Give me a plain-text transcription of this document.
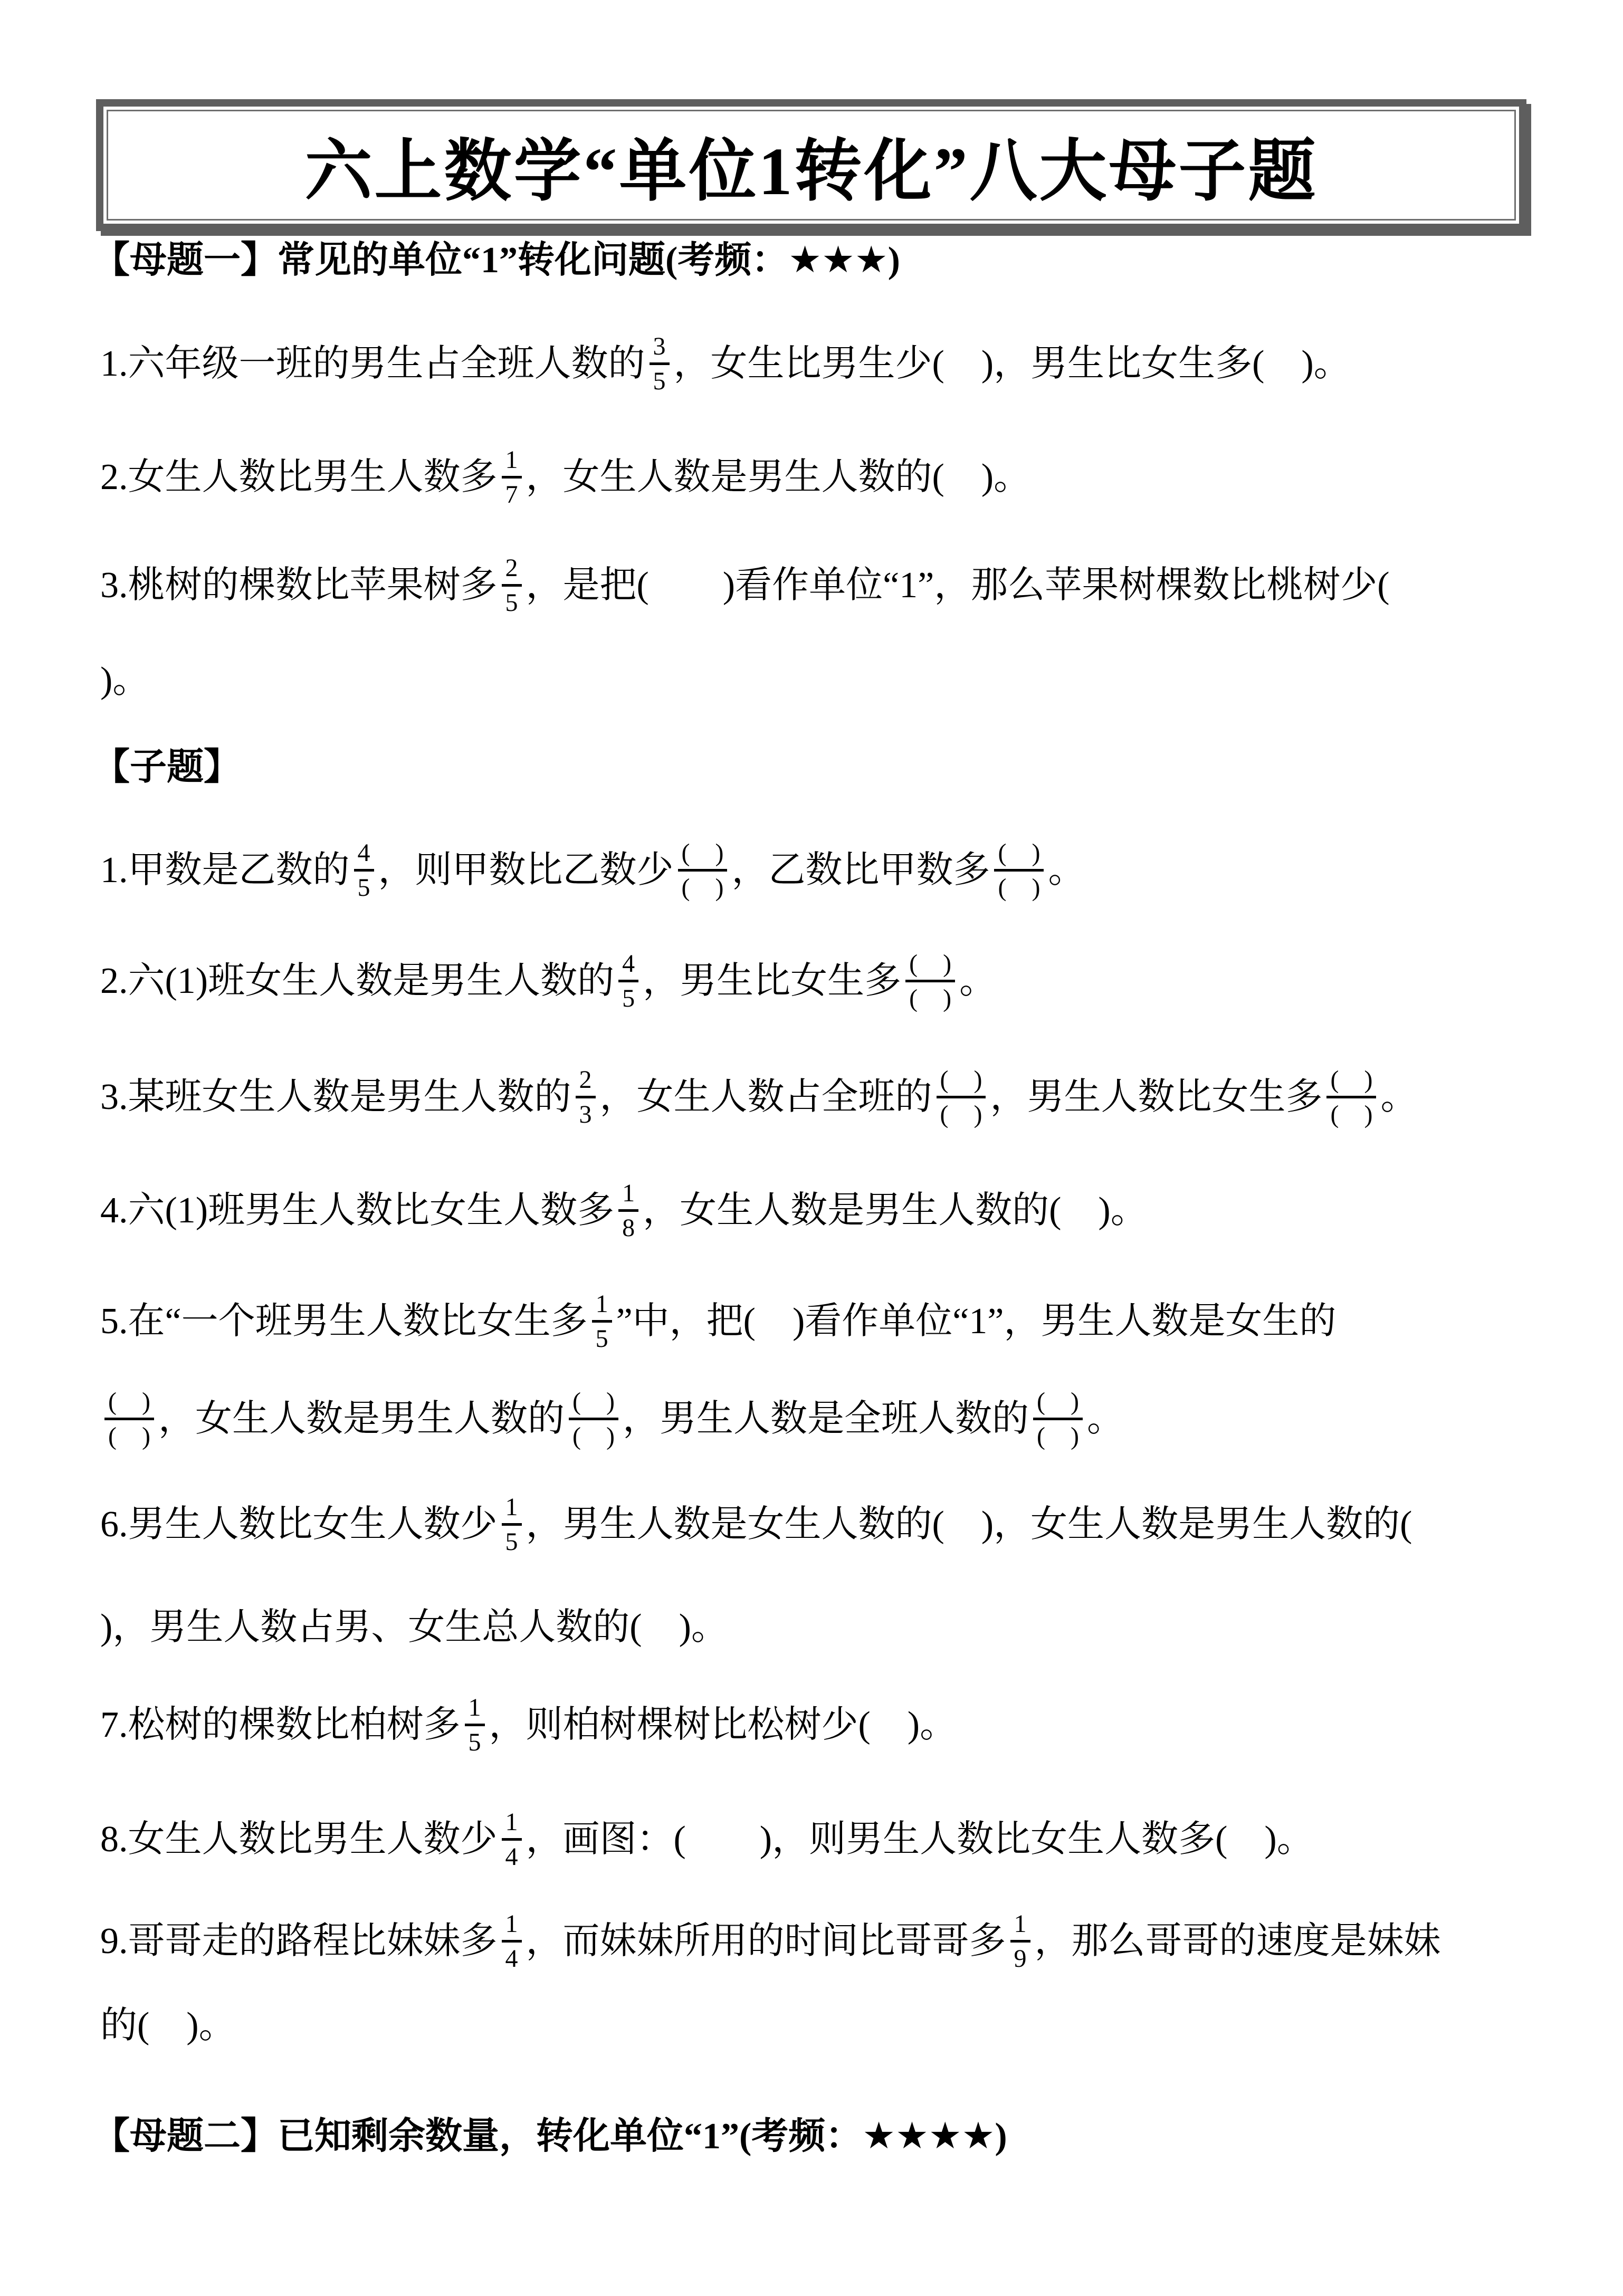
六上数学“单位1转化”八大母子题
【母题一】常见的单位“1”转化问题(考频：★★★)
1.六年级一班的男生占全班人数的 $\frac{3}{5}$ ，女生比男生少(　)，男生比女生多(　)。
2.女生人数比男生人数多 $\frac{1}{7}$ ，女生人数是男生人数的(　)。
3.桃树的棵数比苹果树多 $\frac{2}{5}$ ，是把(　　)看作单位“1”，那么苹果树棵数比桃树少(
)。
【子题】
1.甲数是乙数的 $\frac{4}{5}$ ，则甲数比乙数少 $\frac{( )}{( )}$ ，乙数比甲数多 $\frac{( )}{( )}$ 。
2.六(1)班女生人数是男生人数的 $\frac{4}{5}$ ，男生比女生多 $\frac{( )}{( )}$ 。
3.某班女生人数是男生人数的 $\frac{2}{3}$ ，女生人数占全班的 $\frac{( )}{( )}$ ，男生人数比女生多 $\frac{( )}{( )}$ 。
4.六(1)班男生人数比女生人数多 $\frac{1}{8}$ ，女生人数是男生人数的(　)。
5.在“一个班男生人数比女生多 $\frac{1}{5}$ ”中，把(　)看作单位“1”，男生人数是女生的
$\frac{( )}{( )}$ ，女生人数是男生人数的 $\frac{( )}{( )}$ ，男生人数是全班人数的 $\frac{( )}{( )}$ 。
6.男生人数比女生人数少 $\frac{1}{5}$ ，男生人数是女生人数的(　)，女生人数是男生人数的(
)，男生人数占男、女生总人数的(　)。
7.松树的棵数比柏树多 $\frac{1}{5}$ ，则柏树棵树比松树少(　)。
8.女生人数比男生人数少 $\frac{1}{4}$ ，画图：(　　)，则男生人数比女生人数多(　)。
9.哥哥走的路程比妹妹多 $\frac{1}{4}$ ，而妹妹所用的时间比哥哥多 $\frac{1}{9}$ ，那么哥哥的速度是妹妹
的(　)。
【母题二】已知剩余数量，转化单位“1”(考频：★★★★)
